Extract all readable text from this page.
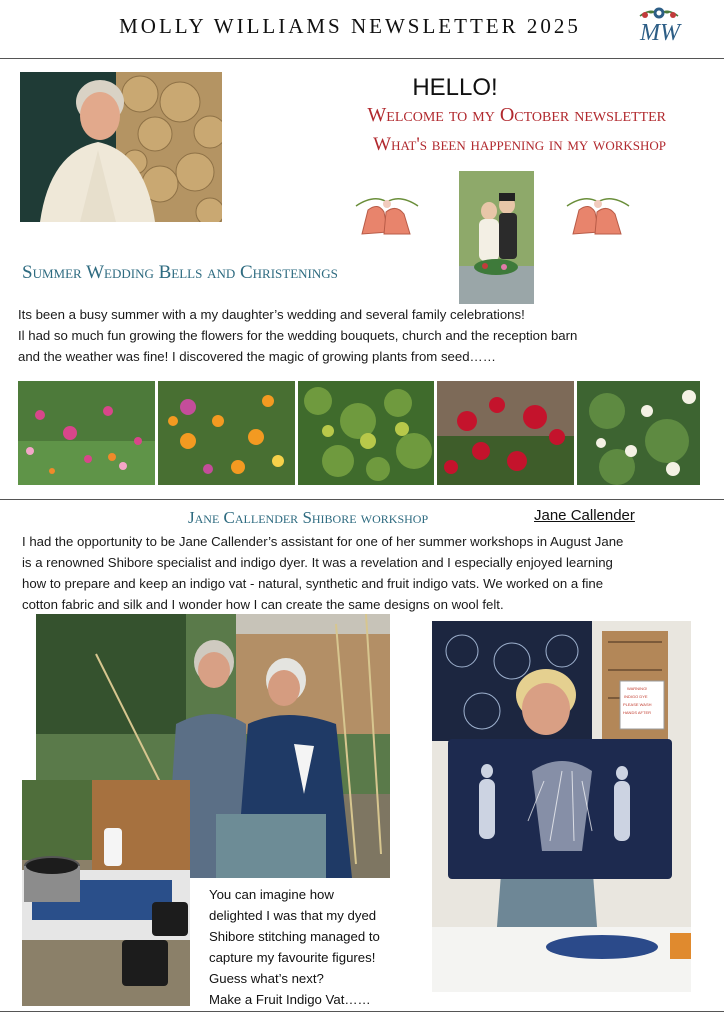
MOLLY WILLIAMS NEWSLETTER 2025	MW
HELLO!
Welcome to my October newsletter
What's been happening in my workshop
Summer Wedding Bells and Christenings
Its been a busy summer with a my daughter’s wedding and several family celebrations!
Il had so much fun growing the flowers for the wedding bouquets, church and the reception barn
and the weather was fine! I discovered the magic of growing plants from seed……
Jane Callender Shibore workshop	Jane Callender
I had the opportunity to be Jane Callender’s assistant for one of her summer workshops in August Jane
is a renowned Shibore specialist and indigo dyer. It was a revelation and I especially enjoyed learning
how to prepare and keep an indigo vat - natural, synthetic and fruit indigo vats. We worked on a fine
cotton fabric and silk and I wonder how I can create the same designs on wool felt.
You can imagine how
delighted I was that my dyed
Shibore stitching managed to
capture my favourite figures!
Guess what’s next?
Make a Fruit Indigo Vat……
WARNING!
INDIGO DYE
PLEASE WASH
HANDS AFTER
